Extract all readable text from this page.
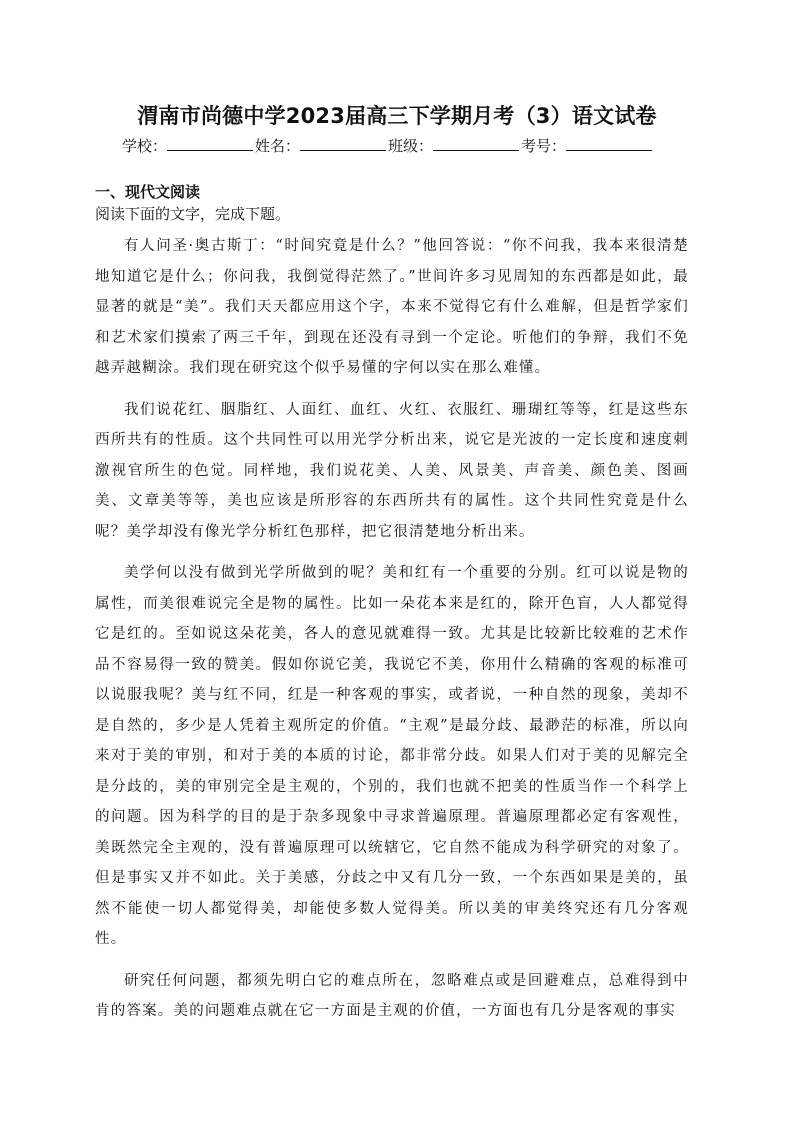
渭南市尚德中学2023届高三下学期月考（3）语文试卷
学校：	姓名：	班级：	考号：
一、现代文阅读
阅读下面的文字，完成下题。

有人问圣·奥古斯丁：“时间究竟是什么？”他回答说：“你不问我，我本来很清楚地知道它是什么；你问我，我倒觉得茫然了。”世间许多习见周知的东西都是如此，最显著的就是“美”。我们天天都应用这个字，本来不觉得它有什么难解，但是哲学家们和艺术家们摸索了两三千年，到现在还没有寻到一个定论。听他们的争辩，我们不免越弄越糊涂。我们现在研究这个似乎易懂的字何以实在那么难懂。

我们说花红、胭脂红、人面红、血红、火红、衣服红、珊瑚红等等，红是这些东西所共有的性质。这个共同性可以用光学分析出来，说它是光波的一定长度和速度刺激视官所生的色觉。同样地，我们说花美、人美、风景美、声音美、颜色美、图画美、文章美等等，美也应该是所形容的东西所共有的属性。这个共同性究竟是什么呢？美学却没有像光学分析红色那样，把它很清楚地分析出来。

美学何以没有做到光学所做到的呢？美和红有一个重要的分别。红可以说是物的属性，而美很难说完全是物的属性。比如一朵花本来是红的，除开色盲，人人都觉得它是红的。至如说这朵花美，各人的意见就难得一致。尤其是比较新比较难的艺术作品不容易得一致的赞美。假如你说它美，我说它不美，你用什么精确的客观的标准可以说服我呢？美与红不同，红是一种客观的事实，或者说，一种自然的现象，美却不是自然的，多少是人凭着主观所定的价值。“主观”是最分歧、最渺茫的标准，所以向来对于美的审别，和对于美的本质的讨论，都非常分歧。如果人们对于美的见解完全是分歧的，美的审别完全是主观的，个别的，我们也就不把美的性质当作一个科学上的问题。因为科学的目的是于杂多现象中寻求普遍原理。普遍原理都必定有客观性，美既然完全主观的，没有普遍原理可以统辖它，它自然不能成为科学研究的对象了。但是事实又并不如此。关于美感，分歧之中又有几分一致，一个东西如果是美的，虽然不能使一切人都觉得美，却能使多数人觉得美。所以美的审美终究还有几分客观性。

研究任何问题，都须先明白它的难点所在，忽略难点或是回避难点，总难得到中肯的答案。美的问题难点就在它一方面是主观的价值，一方面也有几分是客观的事实
